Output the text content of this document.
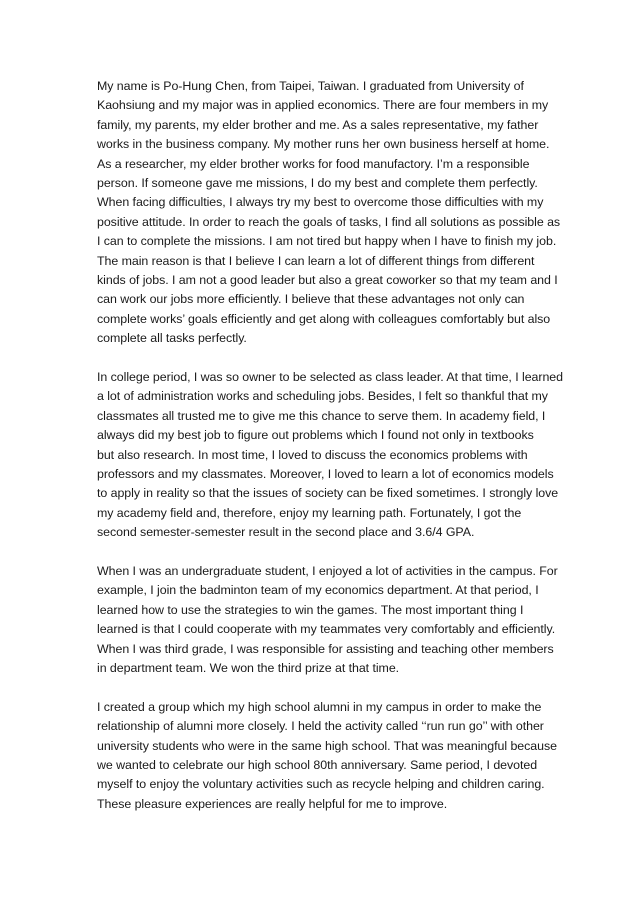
My name is Po-Hung Chen, from Taipei, Taiwan. I graduated from University of
Kaohsiung and my major was in applied economics. There are four members in my
family, my parents, my elder brother and me. As a sales representative, my father
works in the business company. My mother runs her own business herself at home.
As a researcher, my elder brother works for food manufactory. I’m a responsible
person. If someone gave me missions, I do my best and complete them perfectly.
When facing difficulties, I always try my best to overcome those difficulties with my
positive attitude. In order to reach the goals of tasks, I find all solutions as possible as
I can to complete the missions. I am not tired but happy when I have to finish my job.
The main reason is that I believe I can learn a lot of different things from different
kinds of jobs. I am not a good leader but also a great coworker so that my team and I
can work our jobs more efficiently. I believe that these advantages not only can
complete works’ goals efficiently and get along with colleagues comfortably but also
complete all tasks perfectly.
In college period, I was so owner to be selected as class leader. At that time, I learned
a lot of administration works and scheduling jobs. Besides, I felt so thankful that my
classmates all trusted me to give me this chance to serve them. In academy field, I
always did my best job to figure out problems which I found not only in textbooks
but also research. In most time, I loved to discuss the economics problems with
professors and my classmates. Moreover, I loved to learn a lot of economics models
to apply in reality so that the issues of society can be fixed sometimes. I strongly love
my academy field and, therefore, enjoy my learning path. Fortunately, I got the
second semester-semester result in the second place and 3.6/4 GPA.
When I was an undergraduate student, I enjoyed a lot of activities in the campus. For
example, I join the badminton team of my economics department. At that period, I
learned how to use the strategies to win the games. The most important thing I
learned is that I could cooperate with my teammates very comfortably and efficiently.
When I was third grade, I was responsible for assisting and teaching other members
in department team. We won the third prize at that time.
I created a group which my high school alumni in my campus in order to make the
relationship of alumni more closely. I held the activity called ‘‘run run go’’ with other
university students who were in the same high school. That was meaningful because
we wanted to celebrate our high school 80th anniversary. Same period, I devoted
myself to enjoy the voluntary activities such as recycle helping and children caring.
These pleasure experiences are really helpful for me to improve.
